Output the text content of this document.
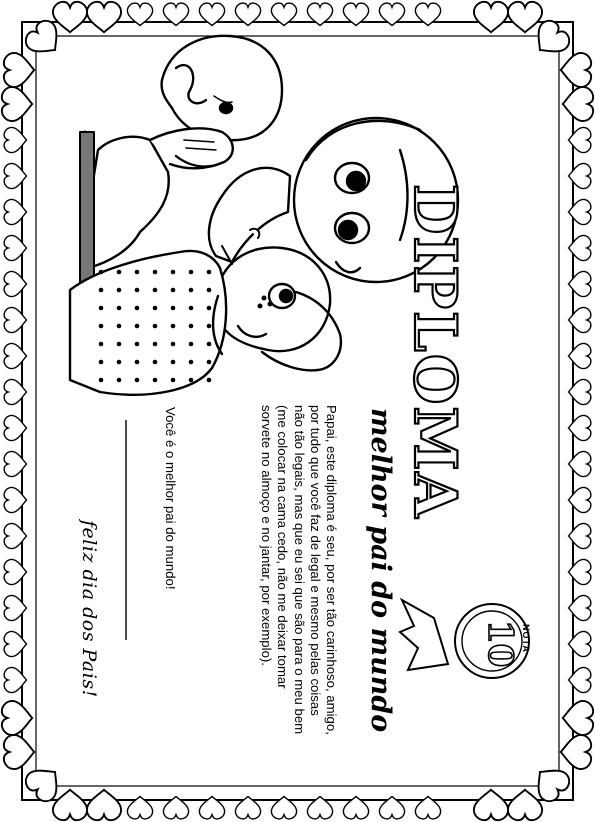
DIPLOMA
melhor pai do mundo
Papai, este diploma é seu, por ser tão carinhoso, amigo, por tudo que você faz de legal e mesmo pelas coisas não tão legais, mas que eu sei que são para o meu bem (me colocar na cama cedo, não me deixar tomar sorvete no almoço e no jantar, por exemplo).
Você é o melhor pai do mundo!
feliz dia dos Pais!	NOTA
10
